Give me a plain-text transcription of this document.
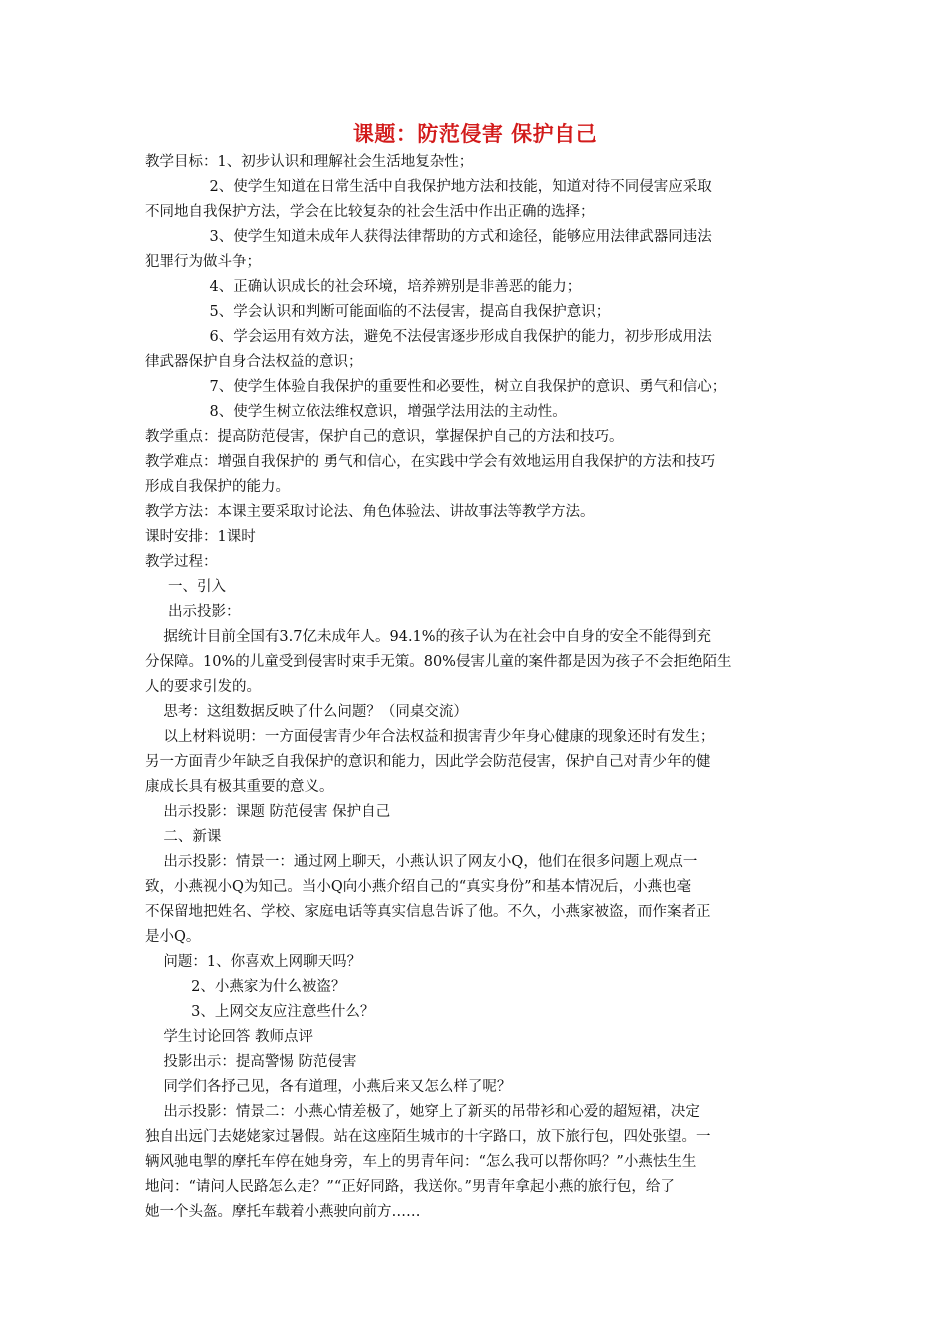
课题：防范侵害 保护自己
教学目标：1、初步认识和理解社会生活地复杂性；
2、使学生知道在日常生活中自我保护地方法和技能，知道对待不同侵害应采取
不同地自我保护方法，学会在比较复杂的社会生活中作出正确的选择；
3、使学生知道未成年人获得法律帮助的方式和途径，能够应用法律武器同违法
犯罪行为做斗争；
4、正确认识成长的社会环境，培养辨别是非善恶的能力；
5、学会认识和判断可能面临的不法侵害，提高自我保护意识；
6、学会运用有效方法，避免不法侵害逐步形成自我保护的能力，初步形成用法
律武器保护自身合法权益的意识；
7、使学生体验自我保护的重要性和必要性，树立自我保护的意识、勇气和信心；
8、使学生树立依法维权意识，增强学法用法的主动性。
教学重点：提高防范侵害，保护自己的意识，掌握保护自己的方法和技巧。
教学难点：增强自我保护的 勇气和信心，在实践中学会有效地运用自我保护的方法和技巧
形成自我保护的能力。
教学方法：本课主要采取讨论法、角色体验法、讲故事法等教学方法。
课时安排：1课时
教学过程：
一、引入
出示投影：
据统计目前全国有3.7亿未成年人。94.1%的孩子认为在社会中自身的安全不能得到充
分保障。10%的儿童受到侵害时束手无策。80%侵害儿童的案件都是因为孩子不会拒绝陌生
人的要求引发的。
思考：这组数据反映了什么问题？（同桌交流）
以上材料说明：一方面侵害青少年合法权益和损害青少年身心健康的现象还时有发生；
另一方面青少年缺乏自我保护的意识和能力，因此学会防范侵害，保护自己对青少年的健
康成长具有极其重要的意义。
出示投影：课题 防范侵害 保护自己
二、新课
出示投影：情景一：通过网上聊天，小燕认识了网友小Q，他们在很多问题上观点一
致，小燕视小Q为知己。当小Q向小燕介绍自己的“真实身份”和基本情况后，小燕也毫
不保留地把姓名、学校、家庭电话等真实信息告诉了他。不久，小燕家被盗，而作案者正
是小Q。
问题：1、你喜欢上网聊天吗？
2、小燕家为什么被盗？
3、上网交友应注意些什么？
学生讨论回答 教师点评
投影出示：提高警惕 防范侵害
同学们各抒己见，各有道理，小燕后来又怎么样了呢？
出示投影：情景二：小燕心情差极了，她穿上了新买的吊带衫和心爱的超短裙，决定
独自出远门去姥姥家过暑假。站在这座陌生城市的十字路口，放下旅行包，四处张望。一
辆风驰电掣的摩托车停在她身旁，车上的男青年问：“怎么我可以帮你吗？”小燕怯生生
地问：“请问人民路怎么走？”“正好同路，我送你。”男青年拿起小燕的旅行包，给了
她一个头盔。摩托车载着小燕驶向前方……
